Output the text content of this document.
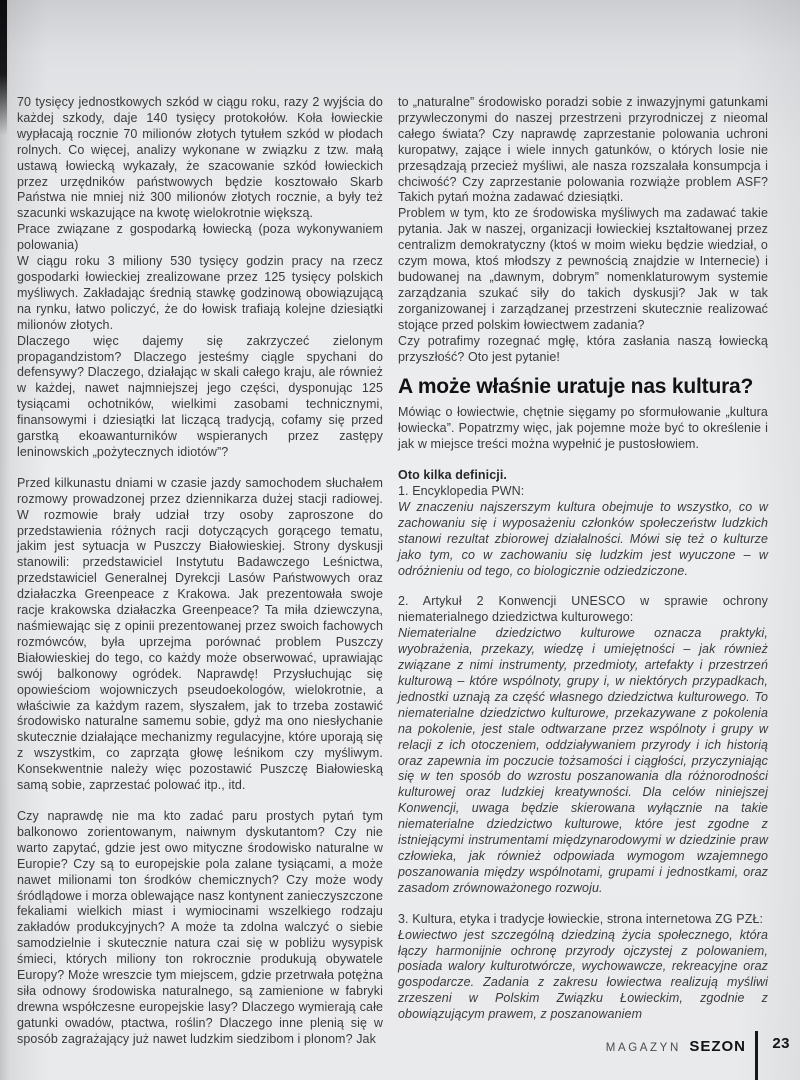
70 tysięcy jednostkowych szkód w ciągu roku, razy 2 wyjścia do każdej szkody, daje 140 tysięcy protokołów. Koła łowieckie wypłacają rocznie 70 milionów złotych tytułem szkód w płodach rolnych. Co więcej, analizy wykonane w związku z tzw. małą ustawą łowiecką wykazały, że szacowanie szkód łowieckich przez urzędników państwowych będzie kosztowało Skarb Państwa nie mniej niż 300 milionów złotych rocznie, a były też szacunki wskazujące na kwotę wielokrotnie większą.

Prace związane z gospodarką łowiecką (poza wykonywaniem polowania)

W ciągu roku 3 miliony 530 tysięcy godzin pracy na rzecz gospodarki łowieckiej zrealizowane przez 125 tysięcy polskich myśliwych. Zakładając średnią stawkę godzinową obowiązującą na rynku, łatwo policzyć, że do łowisk trafiają kolejne dziesiątki milionów złotych.

Dlaczego więc dajemy się zakrzyczeć zielonym propagandzistom? Dlaczego jesteśmy ciągle spychani do defensywy? Dlaczego, działając w skali całego kraju, ale również w każdej, nawet najmniejszej jego części, dysponując 125 tysiącami ochotników, wielkimi zasobami technicznymi, finansowymi i dziesiątki lat liczącą tradycją, cofamy się przed garstką ekoawanturników wspieranych przez zastępy leninowskich „pożytecznych idiotów”?

Przed kilkunastu dniami w czasie jazdy samochodem słuchałem rozmowy prowadzonej przez dziennikarza dużej stacji radiowej. W rozmowie brały udział trzy osoby zaproszone do przedstawienia różnych racji dotyczących gorącego tematu, jakim jest sytuacja w Puszczy Białowieskiej. Strony dyskusji stanowili: przedstawiciel Instytutu Badawczego Leśnictwa, przedstawiciel Generalnej Dyrekcji Lasów Państwowych oraz działaczka Greenpeace z Krakowa. Jak prezentowała swoje racje krakowska działaczka Greenpeace? Ta miła dziewczyna, naśmiewając się z opinii prezentowanej przez swoich fachowych rozmówców, była uprzejma porównać problem Puszczy Białowieskiej do tego, co każdy może obserwować, uprawiając swój balkonowy ogródek. Naprawdę! Przysłuchując się opowieściom wojowniczych pseudoekologów, wielokrotnie, a właściwie za każdym razem, słyszałem, jak to trzeba zostawić środowisko naturalne samemu sobie, gdyż ma ono niesłychanie skutecznie działające mechanizmy regulacyjne, które uporają się z wszystkim, co zaprząta głowę leśnikom czy myśliwym. Konsekwentnie należy więc pozostawić Puszczę Białowieską samą sobie, zaprzestać polować itp., itd.

Czy naprawdę nie ma kto zadać paru prostych pytań tym balkonowo zorientowanym, naiwnym dyskutantom? Czy nie warto zapytać, gdzie jest owo mityczne środowisko naturalne w Europie? Czy są to europejskie pola zalane tysiącami, a może nawet milionami ton środków chemicznych? Czy może wody śródlądowe i morza oblewające nasz kontynent zanieczyszczone fekaliami wielkich miast i wymiocinami wszelkiego rodzaju zakładów produkcyjnych? A może ta zdolna walczyć o siebie samodzielnie i skutecznie natura czai się w pobliżu wysypisk śmieci, których miliony ton rokrocznie produkują obywatele Europy? Może wreszcie tym miejscem, gdzie przetrwała potężna siła odnowy środowiska naturalnego, są zamienione w fabryki drewna współczesne europejskie lasy? Dlaczego wymierają całe gatunki owadów, ptactwa, roślin? Dlaczego inne plenią się w sposób zagrażający już nawet ludzkim siedzibom i plonom? Jak

to „naturalne” środowisko poradzi sobie z inwazyjnymi gatunkami przywleczonymi do naszej przestrzeni przyrodniczej z nieomal całego świata? Czy naprawdę zaprzestanie polowania uchroni kuropatwy, zające i wiele innych gatunków, o których losie nie przesądzają przecież myśliwi, ale nasza rozszalała konsumpcja i chciwość? Czy zaprzestanie polowania rozwiąże problem ASF? Takich pytań można zadawać dziesiątki.

Problem w tym, kto ze środowiska myśliwych ma zadawać takie pytania. Jak w naszej, organizacji łowieckiej kształtowanej przez centralizm demokratyczny (ktoś w moim wieku będzie wiedział, o czym mowa, ktoś młodszy z pewnością znajdzie w Internecie) i budowanej na „dawnym, dobrym” nomenklaturowym systemie zarządzania szukać siły do takich dyskusji? Jak w tak zorganizowanej i zarządzanej przestrzeni skutecznie realizować stojące przed polskim łowiectwem zadania?

Czy potrafimy rozegnać mgłę, która zasłania naszą łowiecką przyszłość? Oto jest pytanie!

A może właśnie uratuje nas kultura?

Mówiąc o łowiectwie, chętnie sięgamy po sformułowanie „kultura łowiecka”. Popatrzmy więc, jak pojemne może być to określenie i jak w miejsce treści można wypełnić je pustosłowiem.

Oto kilka definicji.

1. Encyklopedia PWN:

W znaczeniu najszerszym kultura obejmuje to wszystko, co w zachowaniu się i wyposażeniu członków społeczeństw ludzkich stanowi rezultat zbiorowej działalności. Mówi się też o kulturze jako tym, co w zachowaniu się ludzkim jest wyuczone – w odróżnieniu od tego, co biologicznie odziedziczone.

2. Artykuł 2 Konwencji UNESCO w sprawie ochrony niematerialnego dziedzictwa kulturowego:

Niematerialne dziedzictwo kulturowe oznacza praktyki, wyobrażenia, przekazy, wiedzę i umiejętności – jak również związane z nimi instrumenty, przedmioty, artefakty i przestrzeń kulturową – które wspólnoty, grupy i, w niektórych przypadkach, jednostki uznają za część własnego dziedzictwa kulturowego. To niematerialne dziedzictwo kulturowe, przekazywane z pokolenia na pokolenie, jest stale odtwarzane przez wspólnoty i grupy w relacji z ich otoczeniem, oddziaływaniem przyrody i ich historią oraz zapewnia im poczucie tożsamości i ciągłości, przyczyniając się w ten sposób do wzrostu poszanowania dla różnorodności kulturowej oraz ludzkiej kreatywności. Dla celów niniejszej Konwencji, uwaga będzie skierowana wyłącznie na takie niematerialne dziedzictwo kulturowe, które jest zgodne z istniejącymi instrumentami międzynarodowymi w dziedzinie praw człowieka, jak również odpowiada wymogom wzajemnego poszanowania między wspólnotami, grupami i jednostkami, oraz zasadom zrównoważonego rozwoju.

3. Kultura, etyka i tradycje łowieckie, strona internetowa ZG PZŁ:

Łowiectwo jest szczególną dziedziną życia społecznego, która łączy harmonijnie ochronę przyrody ojczystej z polowaniem, posiada walory kulturotwórcze, wychowawcze, rekreacyjne oraz gospodarcze. Zadania z zakresu łowiectwa realizują myśliwi zrzeszeni w Polskim Związku Łowieckim, zgodnie z obowiązującym prawem, z poszanowaniem

MAGAZYN SEZON 23
